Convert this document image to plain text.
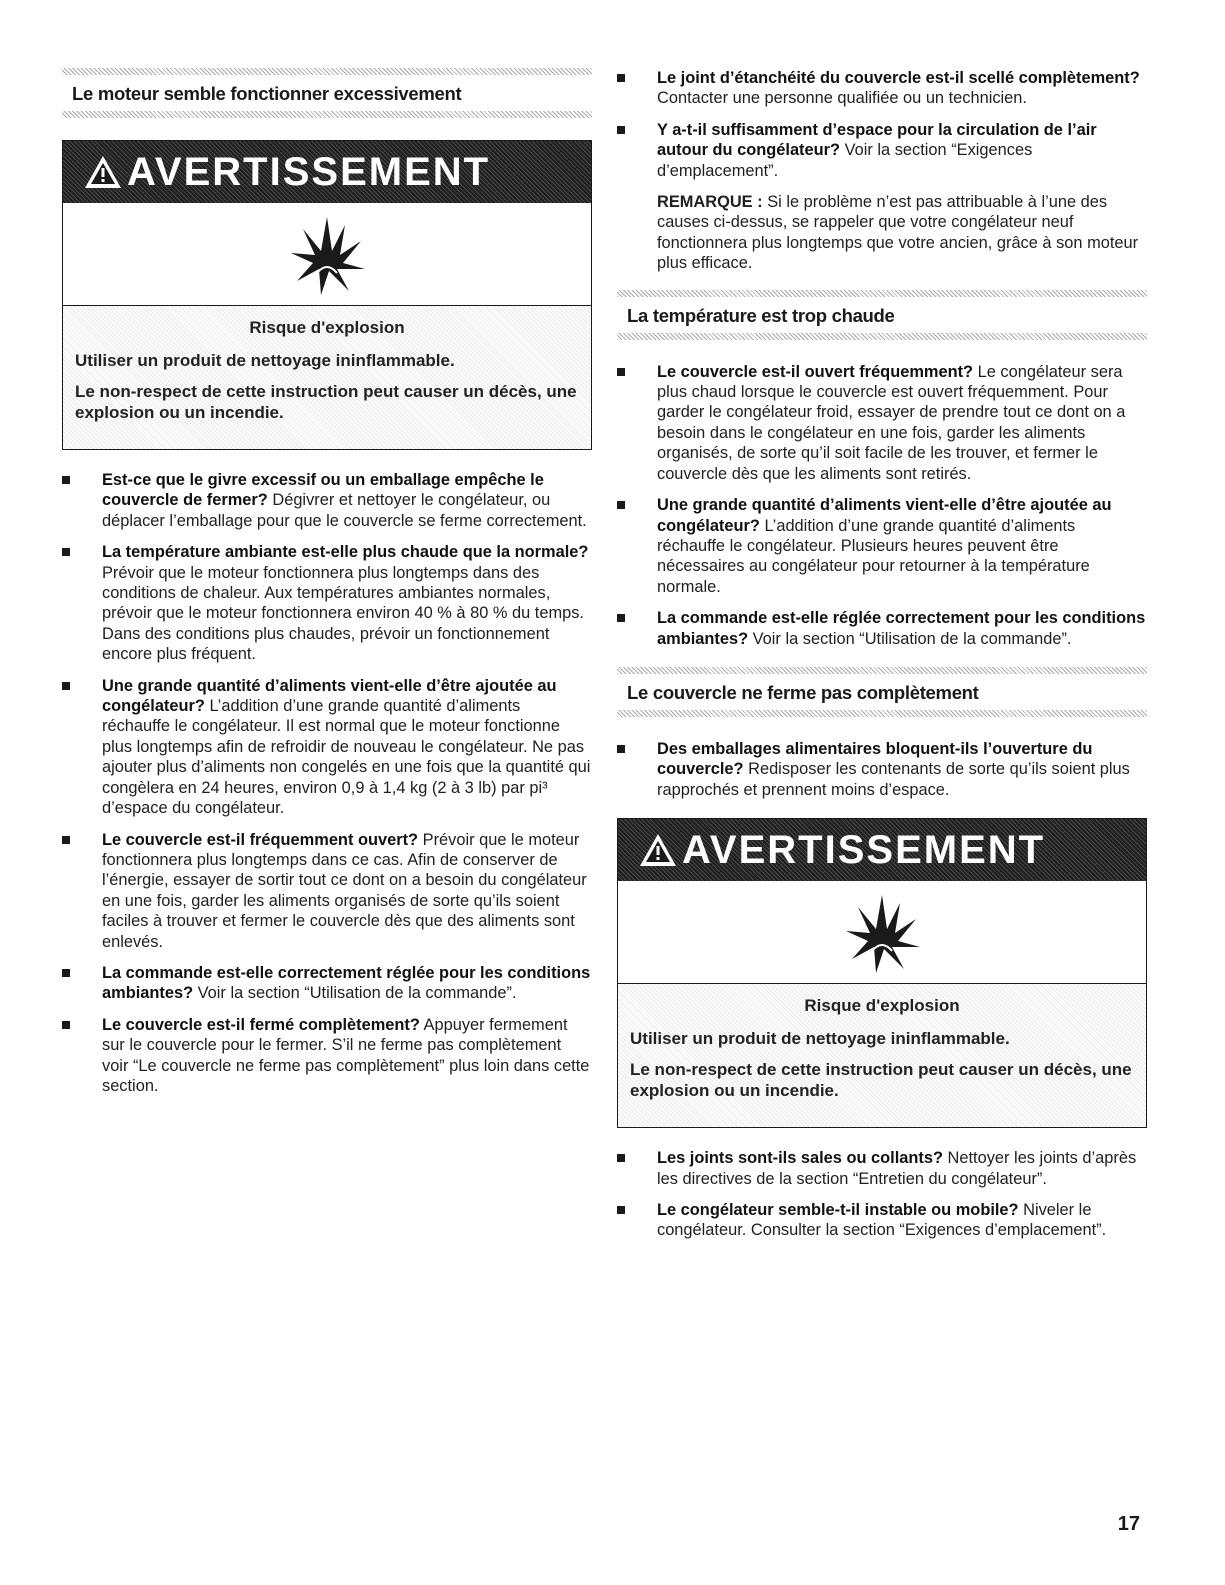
Le moteur semble fonctionner excessivement
AVERTISSEMENT

Risque d'explosion

Utiliser un produit de nettoyage ininflammable.

Le non-respect de cette instruction peut causer un décès, une explosion ou un incendie.

Est-ce que le givre excessif ou un emballage empêche le couvercle de fermer? Dégivrer et nettoyer le congélateur, ou déplacer l’emballage pour que le couvercle se ferme correctement.
La température ambiante est-elle plus chaude que la normale? Prévoir que le moteur fonctionnera plus longtemps dans des conditions de chaleur. Aux températures ambiantes normales, prévoir que le moteur fonctionnera environ 40 % à 80 % du temps. Dans des conditions plus chaudes, prévoir un fonctionnement encore plus fréquent.
Une grande quantité d’aliments vient-elle d’être ajoutée au congélateur? L’addition d’une grande quantité d’aliments réchauffe le congélateur. Il est normal que le moteur fonctionne plus longtemps afin de refroidir de nouveau le congélateur. Ne pas ajouter plus d’aliments non congelés en une fois que la quantité qui congèlera en 24 heures, environ 0,9 à 1,4 kg (2 à 3 lb) par pi³ d’espace du congélateur.
Le couvercle est-il fréquemment ouvert? Prévoir que le moteur fonctionnera plus longtemps dans ce cas. Afin de conserver de l’énergie, essayer de sortir tout ce dont on a besoin du congélateur en une fois, garder les aliments organisés de sorte qu’ils soient faciles à trouver et fermer le couvercle dès que des aliments sont enlevés.
La commande est-elle correctement réglée pour les conditions ambiantes? Voir la section “Utilisation de la commande”.
Le couvercle est-il fermé complètement? Appuyer fermement sur le couvercle pour le fermer. S’il ne ferme pas complètement voir “Le couvercle ne ferme pas complètement” plus loin dans cette section.
Le joint d’étanchéité du couvercle est-il scellé complètement? Contacter une personne qualifiée ou un technicien.
Y a-t-il suffisamment d’espace pour la circulation de l’air autour du congélateur? Voir la section “Exigences d’emplacement”.

REMARQUE : Si le problème n’est pas attribuable à l’une des causes ci-dessus, se rappeler que votre congélateur neuf fonctionnera plus longtemps que votre ancien, grâce à son moteur plus efficace.

La température est trop chaude
Le couvercle est-il ouvert fréquemment? Le congélateur sera plus chaud lorsque le couvercle est ouvert fréquemment. Pour garder le congélateur froid, essayer de prendre tout ce dont on a besoin dans le congélateur en une fois, garder les aliments organisés, de sorte qu’il soit facile de les trouver, et fermer le couvercle dès que les aliments sont retirés.
Une grande quantité d’aliments vient-elle d’être ajoutée au congélateur? L’addition d’une grande quantité d’aliments réchauffe le congélateur. Plusieurs heures peuvent être nécessaires au congélateur pour retourner à la température normale.
La commande est-elle réglée correctement pour les conditions ambiantes? Voir la section “Utilisation de la commande”.
Le couvercle ne ferme pas complètement
Des emballages alimentaires bloquent-ils l’ouverture du couvercle? Redisposer les contenants de sorte qu’ils soient plus rapprochés et prennent moins d’espace.
AVERTISSEMENT

Risque d'explosion

Utiliser un produit de nettoyage ininflammable.

Le non-respect de cette instruction peut causer un décès, une explosion ou un incendie.

Les joints sont-ils sales ou collants? Nettoyer les joints d’après les directives de la section “Entretien du congélateur”.
Le congélateur semble-t-il instable ou mobile? Niveler le congélateur. Consulter la section “Exigences d’emplacement”.
17
